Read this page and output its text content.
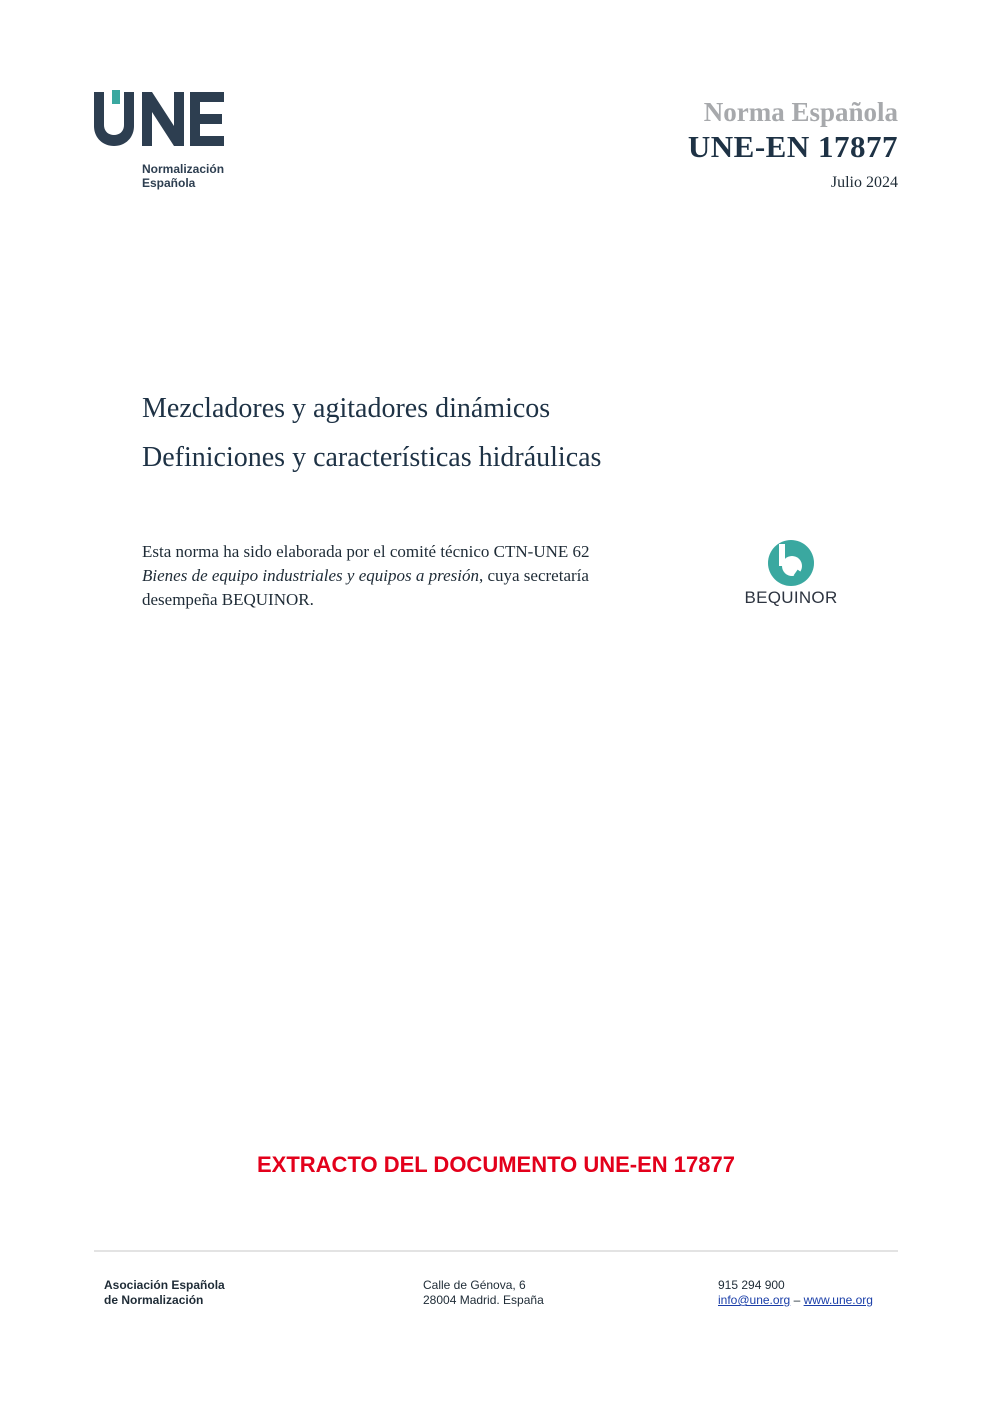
Normalización
Española
Norma Española
UNE-EN 17877
Julio 2024
Mezcladores y agitadores dinámicos
Definiciones y características hidráulicas
Esta norma ha sido elaborada por el comité técnico CTN-UNE 62 Bienes de equipo industriales y equipos a presión, cuya secretaría desempeña BEQUINOR.	BEQUINOR
EXTRACTO DEL DOCUMENTO UNE-EN 17877
Asociación Española
de Normalización
Calle de Génova, 6
28004 Madrid. España
915 294 900
info@une.org – www.une.org
